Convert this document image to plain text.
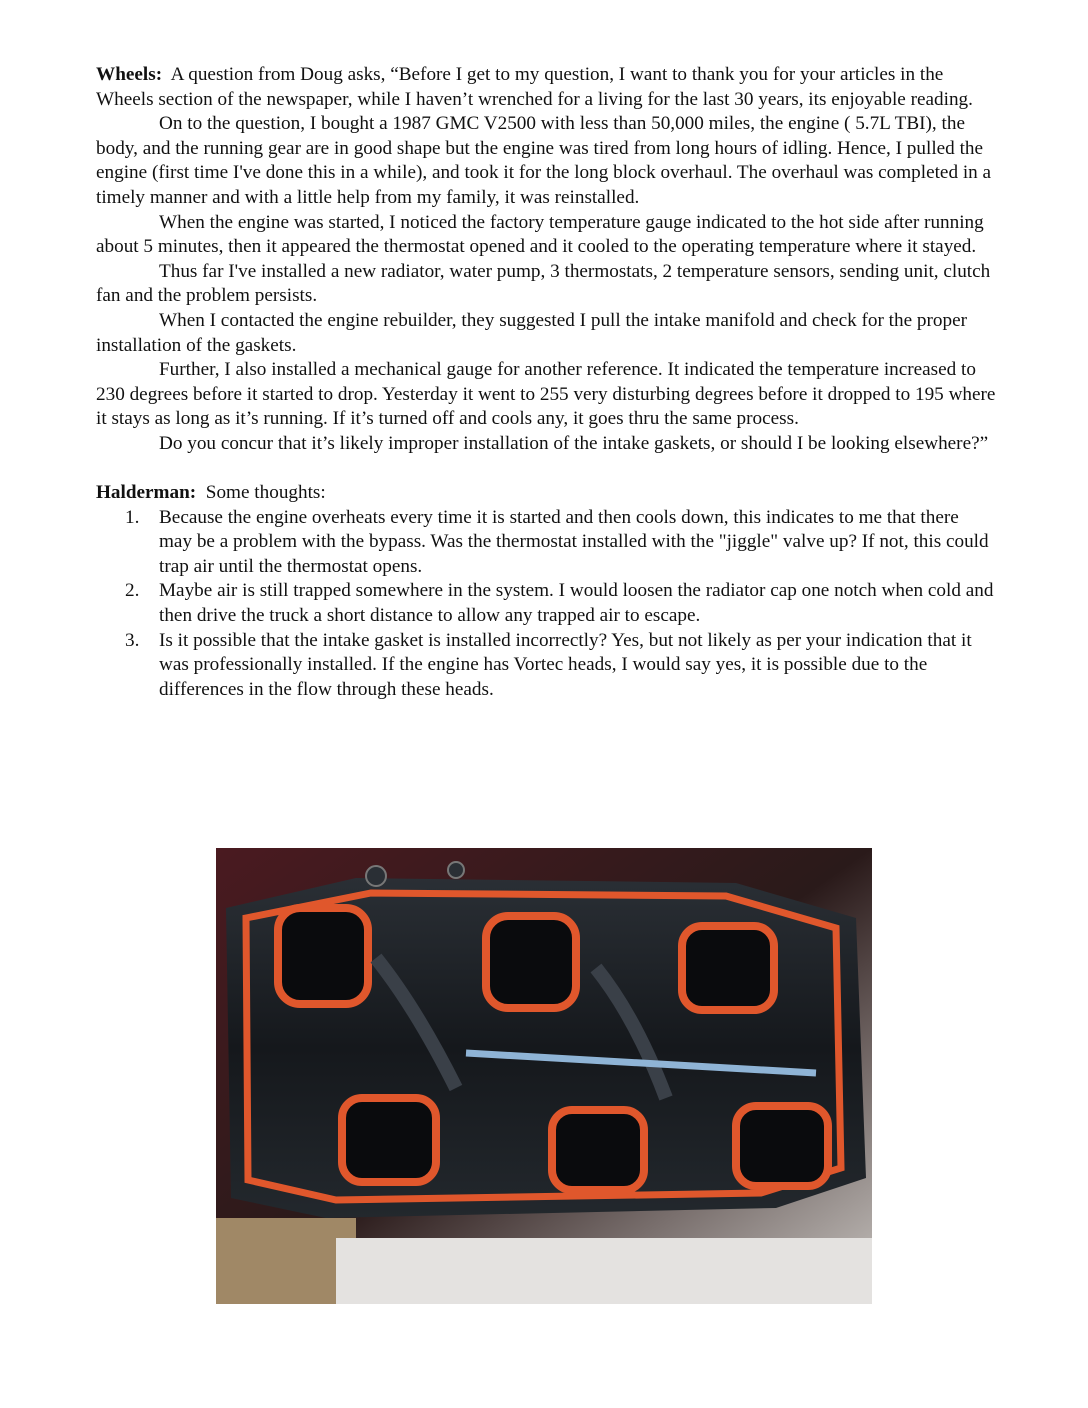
Wheels: A question from Doug asks, “Before I get to my question, I want to thank you for your articles in the Wheels section of the newspaper, while I haven’t wrenched for a living for the last 30 years, its enjoyable reading.

On to the question, I bought a 1987 GMC V2500 with less than 50,000 miles, the engine ( 5.7L TBI), the body, and the running gear are in good shape but the engine was tired from long hours of idling. Hence, I pulled the engine (first time I've done this in a while), and took it for the long block overhaul. The overhaul was completed in a timely manner and with a little help from my family, it was reinstalled.

When the engine was started, I noticed the factory temperature gauge indicated to the hot side after running about 5 minutes, then it appeared the thermostat opened and it cooled to the operating temperature where it stayed.

Thus far I've installed a new radiator, water pump, 3 thermostats, 2 temperature sensors, sending unit, clutch fan and the problem persists.

When I contacted the engine rebuilder, they suggested I pull the intake manifold and check for the proper installation of the gaskets.

Further, I also installed a mechanical gauge for another reference. It indicated the temperature increased to 230 degrees before it started to drop. Yesterday it went to 255 very disturbing degrees before it dropped to 195 where it stays as long as it’s running. If it’s turned off and cools any, it goes thru the same process.

Do you concur that it’s likely improper installation of the intake gaskets, or should I be looking elsewhere?”

Halderman: Some thoughts:

1. Because the engine overheats every time it is started and then cools down, this indicates to me that there may be a problem with the bypass. Was the thermostat installed with the "jiggle" valve up? If not, this could trap air until the thermostat opens.
2. Maybe air is still trapped somewhere in the system. I would loosen the radiator cap one notch when cold and then drive the truck a short distance to allow any trapped air to escape.
3. Is it possible that the intake gasket is installed incorrectly? Yes, but not likely as per your indication that it was professionally installed. If the engine has Vortec heads, I would say yes, it is possible due to the differences in the flow through these heads.
